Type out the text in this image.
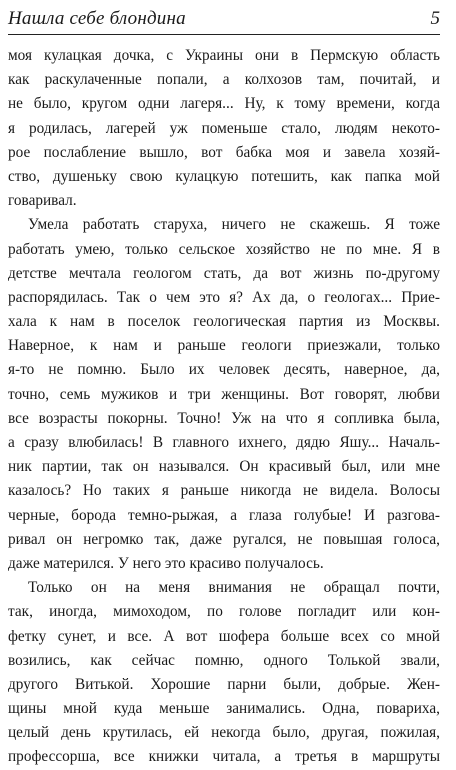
Нашла себе блондина	5
моя кулацкая дочка, с Украины они в Пермскую область
как раскулаченные попали, а колхозов там, почитай, и
не было, кругом одни лагеря... Ну, к тому времени, когда
я родилась, лагерей уж поменьше стало, людям некото-
рое послабление вышло, вот бабка моя и завела хозяй-
ство, душеньку свою кулацкую потешить, как папка мой
говаривал.
Умела работать старуха, ничего не скажешь. Я тоже
работать умею, только сельское хозяйство не по мне. Я в
детстве мечтала геологом стать, да вот жизнь по-другому
распорядилась. Так о чем это я? Ах да, о геологах... Прие-
хала к нам в поселок геологическая партия из Москвы.
Наверное, к нам и раньше геологи приезжали, только
я-то не помню. Было их человек десять, наверное, да,
точно, семь мужиков и три женщины. Вот говорят, любви
все возрасты покорны. Точно! Уж на что я сопливка была,
а сразу влюбилась! В главного ихнего, дядю Яшу... Началь-
ник партии, так он назывался. Он красивый был, или мне
казалось? Но таких я раньше никогда не видела. Волосы
черные, борода темно-рыжая, а глаза голубые! И разгова-
ривал он негромко так, даже ругался, не повышая голоса,
даже матерился. У него это красиво получалось.
Только он на меня внимания не обращал почти,
так, иногда, мимоходом, по голове погладит или кон-
фетку сунет, и все. А вот шофера больше всех со мной
возились, как сейчас помню, одного Толькой звали,
другого Витькой. Хорошие парни были, добрые. Жен-
щины мной куда меньше занимались. Одна, повариха,
целый день крутилась, ей некогда было, другая, пожилая,
профессорша, все книжки читала, а третья в маршруты
